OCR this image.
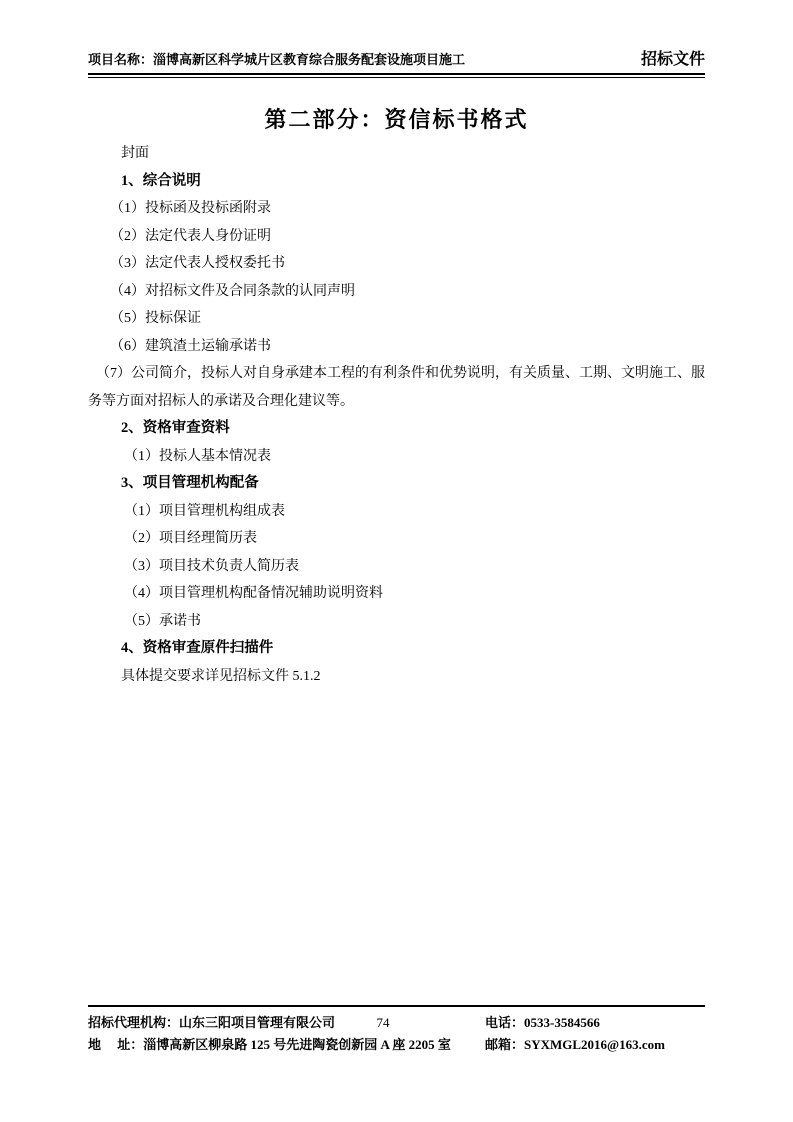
项目名称：淄博高新区科学城片区教育综合服务配套设施项目施工	招标文件
第二部分：资信标书格式

封面

1、综合说明

（1）投标函及投标函附录

（2）法定代表人身份证明

（3）法定代表人授权委托书

（4）对招标文件及合同条款的认同声明

（5）投标保证

（6）建筑渣土运输承诺书

（7）公司简介，投标人对自身承建本工程的有利条件和优势说明，有关质量、工期、文明施工、服务等方面对招标人的承诺及合理化建议等。

2、资格审查资料

（1）投标人基本情况表

3、项目管理机构配备

（1）项目管理机构组成表

（2）项目经理简历表

（3）项目技术负责人简历表

（4）项目管理机构配备情况辅助说明资料

（5）承诺书

4、资格审查原件扫描件

具体提交要求详见招标文件 5.1.2

招标代理机构：山东三阳项目管理有限公司	74	电话：0533-3584566
地　 址：淄博高新区柳泉路 125 号先进陶瓷创新园 A 座 2205 室	邮箱：SYXMGL2016@163.com
